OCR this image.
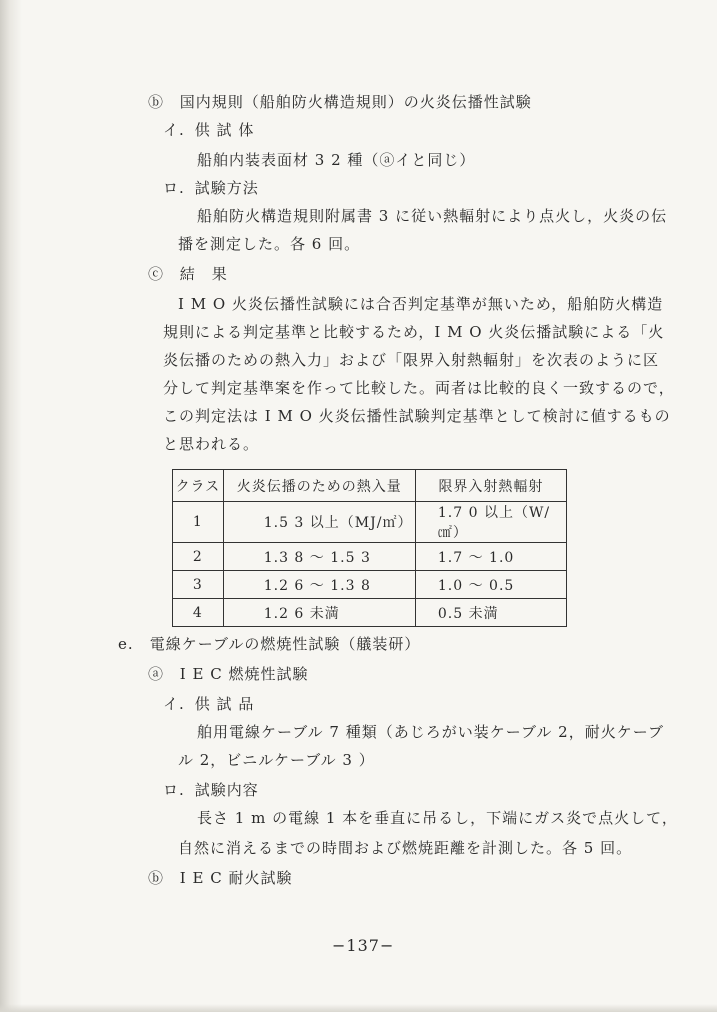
ⓑ 国内規則（船舶防火構造規則）の火炎伝播性試験
イ. 供 試 体
船舶内装表面材 3 2 種（ⓐイと同じ）
ロ. 試験方法
船舶防火構造規則附属書 3 に従い熱輻射により点火し，火炎の伝
播を測定した。各 6 回。
ⓒ 結　果
I M O 火炎伝播性試験には合否判定基準が無いため，船舶防火構造
規則による判定基準と比較するため，I M O 火炎伝播試験による「火
炎伝播のための熱入力」および「限界入射熱輻射」を次表のように区
分して判定基準案を作って比較した。両者は比較的良く一致するので，
この判定法は I M O 火炎伝播性試験判定基準として検討に値するもの
と思われる。
クラス	火炎伝播のための熱入量	限界入射熱輻射
1	1.5 3 以上（MJ/㎡）	1.7 0 以上（W/㎠）
2	1.3 8 〜 1.5 3	1.7 〜 1.0
3	1.2 6 〜 1.3 8	1.0 〜 0.5
4	1.2 6 未満	0.5 未満
e. 電線ケーブルの燃焼性試験（艤装研）
ⓐ I E C 燃焼性試験
イ. 供 試 品
舶用電線ケーブル 7 種類（あじろがい装ケーブル 2，耐火ケーブ
ル 2，ビニルケーブル 3 ）
ロ. 試験内容
長さ 1 m の電線 1 本を垂直に吊るし，下端にガス炎で点火して，
自然に消えるまでの時間および燃焼距離を計測した。各 5 回。
ⓑ I E C 耐火試験
−137−
